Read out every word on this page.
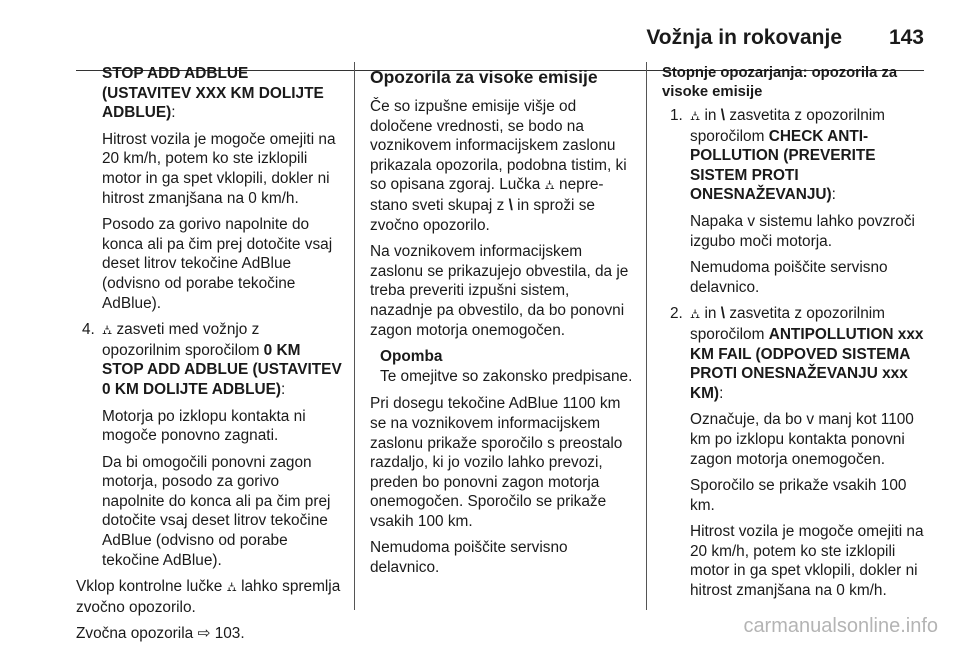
Vožnja in rokovanje 143

STOP ADD ADBLUE
(USTAVITEV XXX KM DOLIJTE
ADBLUE):

Hitrost vozila je mogoče omejiti na 20 km/h, potem ko ste izklopili motor in ga spet vklopili, dokler ni hitrost zmanjšana na 0 km/h.

Posodo za gorivo napolnite do konca ali pa čim prej dotočite vsaj deset litrov tekočine AdBlue (odvisno od porabe tekočine AdBlue).

4. ⛼ zasveti med vožnjo z opozorilnim sporočilom 0 KM STOP ADD ADBLUE (USTAVITEV 0 KM DOLIJTE ADBLUE):

Motorja po izklopu kontakta ni mogoče ponovno zagnati.

Da bi omogočili ponovni zagon motorja, posodo za gorivo napolnite do konca ali pa čim prej dotočite vsaj deset litrov tekočine AdBlue (odvisno od porabe tekočine AdBlue).

Vklop kontrolne lučke ⛼ lahko spremlja zvočno opozorilo.

Zvočna opozorila ⇨ 103.

Opozorila za visoke emisije

Če so izpušne emisije višje od določene vrednosti, se bodo na voznikovem informacijskem zaslonu prikazala opozorila, podobna tistim, ki so opisana zgoraj. Lučka ⛼ neprestano sveti skupaj z \ in sproži se zvočno opozorilo.

Na voznikovem informacijskem zaslonu se prikazujejo obvestila, da je treba preveriti izpušni sistem, nazadnje pa obvestilo, da bo ponovni zagon motorja onemogočen.

Opomba

Te omejitve so zakonsko predpisane.

Pri dosegu tekočine AdBlue 1100 km se na voznikovem informacijskem zaslonu prikaže sporočilo s preostalo razdaljo, ki jo vozilo lahko prevozi, preden bo ponovni zagon motorja onemogočen. Sporočilo se prikaže vsakih 100 km.

Nemudoma poiščite servisno delavnico.

Stopnje opozarjanja: opozorila za visoke emisije
1. ⛼ in \ zasvetita z opozorilnim sporočilom CHECK ANTI-POLLUTION (PREVERITE SISTEM PROTI ONESNAŽEVANJU):

Napaka v sistemu lahko povzroči izgubo moči motorja.

Nemudoma poiščite servisno delavnico.

2. ⛼ in \ zasvetita z opozorilnim sporočilom ANTIPOLLUTION xxx KM FAIL (ODPOVED SISTEMA PROTI ONESNAŽEVANJU xxx KM):

Označuje, da bo v manj kot 1100 km po izklopu kontakta ponovni zagon motorja onemogočen.

Sporočilo se prikaže vsakih 100 km.

Hitrost vozila je mogoče omejiti na 20 km/h, potem ko ste izklopili motor in ga spet vklopili, dokler ni hitrost zmanjšana na 0 km/h.

carmanualsonline.info
